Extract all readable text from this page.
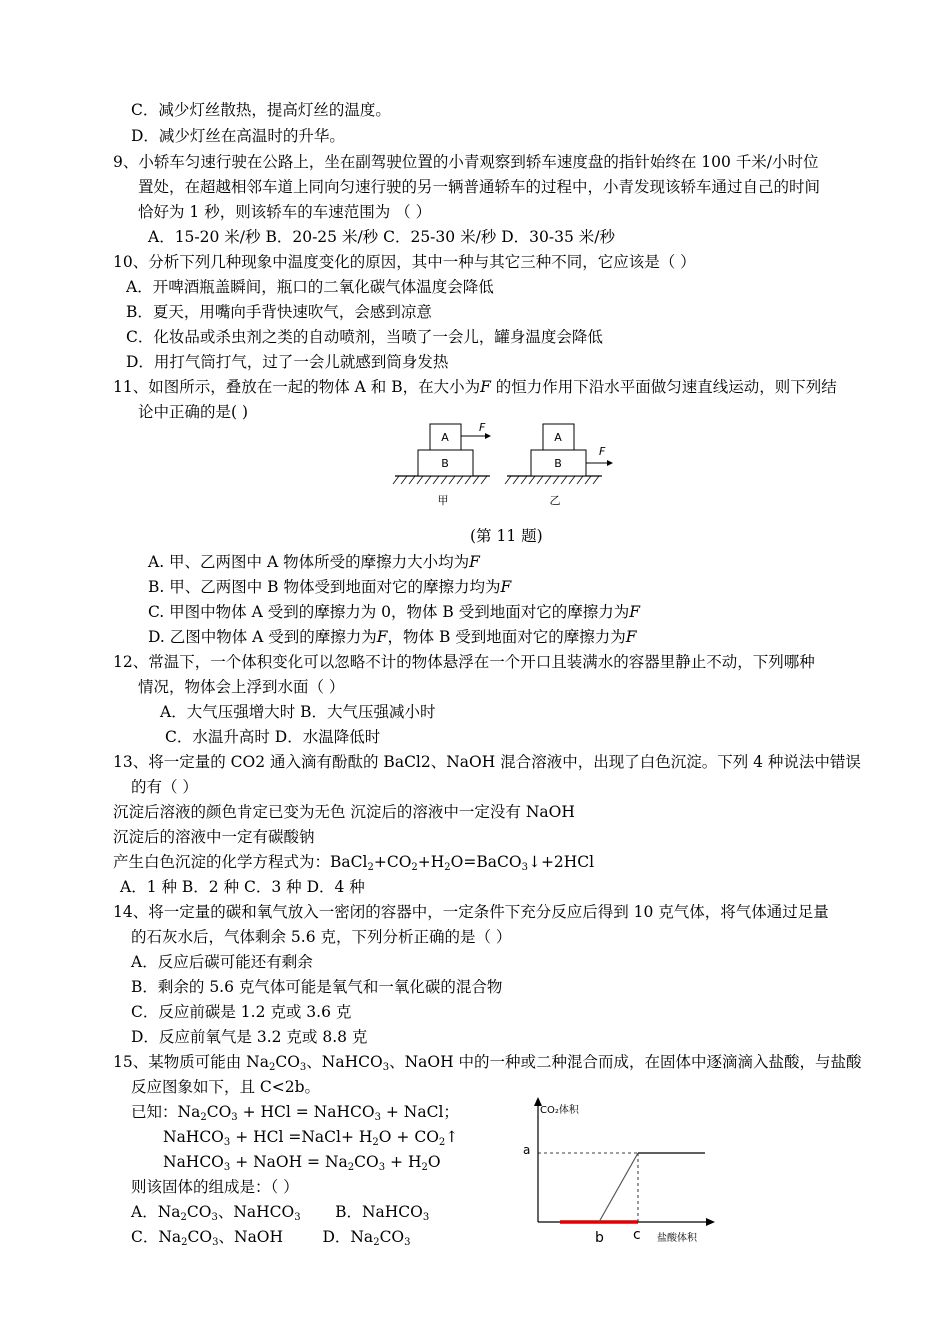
C．减少灯丝散热，提高灯丝的温度。
D．减少灯丝在高温时的升华。
9、小轿车匀速行驶在公路上，坐在副驾驶位置的小青观察到轿车速度盘的指针始终在 100 千米/小时位
置处，在超越相邻车道上同向匀速行驶的另一辆普通轿车的过程中，小青发现该轿车通过自己的时间
恰好为 1 秒，则该轿车的车速范围为 （ ）
A．15-20 米/秒 B．20-25 米/秒 C．25-30 米/秒 D．30-35 米/秒
10、分析下列几种现象中温度变化的原因，其中一种与其它三种不同，它应该是（ ）
A．开啤酒瓶盖瞬间，瓶口的二氧化碳气体温度会降低
B．夏天，用嘴向手背快速吹气，会感到凉意
C．化妆品或杀虫剂之类的自动喷剂，当喷了一会儿，罐身温度会降低
D．用打气筒打气，过了一会儿就感到筒身发热
11、如图所示，叠放在一起的物体 A 和 B，在大小为F 的恒力作用下沿水平面做匀速直线运动，则下列结
论中正确的是( )
A
B
F
甲
A
B
F
乙
(第 11 题)
A. 甲、乙两图中 A 物体所受的摩擦力大小均为F
B. 甲、乙两图中 B 物体受到地面对它的摩擦力均为F
C. 甲图中物体 A 受到的摩擦力为 0，物体 B 受到地面对它的摩擦力为F
D. 乙图中物体 A 受到的摩擦力为F，物体 B 受到地面对它的摩擦力为F
12、常温下，一个体积变化可以忽略不计的物体悬浮在一个开口且装满水的容器里静止不动，下列哪种
情况，物体会上浮到水面（ ）
A．大气压强增大时 B．大气压强减小时
C．水温升高时 D．水温降低时
13、将一定量的 CO2 通入滴有酚酞的 BaCl2、NaOH 混合溶液中，出现了白色沉淀。下列 4 种说法中错误
的有（ ）
沉淀后溶液的颜色肯定已变为无色 沉淀后的溶液中一定没有 NaOH
沉淀后的溶液中一定有碳酸钠
产生白色沉淀的化学方程式为：$BaCl_2+CO_2+H_2O=BaCO_3↓+2HCl$
A．1 种 B．2 种 C．3 种 D．4 种
14、将一定量的碳和氧气放入一密闭的容器中，一定条件下充分反应后得到 10 克气体，将气体通过足量
的石灰水后，气体剩余 5.6 克，下列分析正确的是（ ）
A．反应后碳可能还有剩余
B．剩余的 5.6 克气体可能是氧气和一氧化碳的混合物
C．反应前碳是 1.2 克或 3.6 克
D．反应前氧气是 3.2 克或 8.8 克
15、某物质可能由 $Na_2CO_3$、NaHCO$_3$、NaOH 中的一种或二种混合而成，在固体中逐滴滴入盐酸，与盐酸
反应图象如下，且 C<2b。
已知：$Na_2CO_3$ + HCl = NaHCO$_3$ + NaCl；
NaHCO$_3$ + HCl =NaCl+ $H_2O$ + $CO_2↑$
NaHCO$_3$ + NaOH = $Na_2CO_3 + H_2O$
则该固体的组成是：（ ）
A．$Na_2CO_3$、NaHCO$_3$       B．NaHCO$_3$
C．$Na_2CO_3$、NaOH        D．$Na_2CO_3$
CO₂体积
a
b c 盐酸体积
